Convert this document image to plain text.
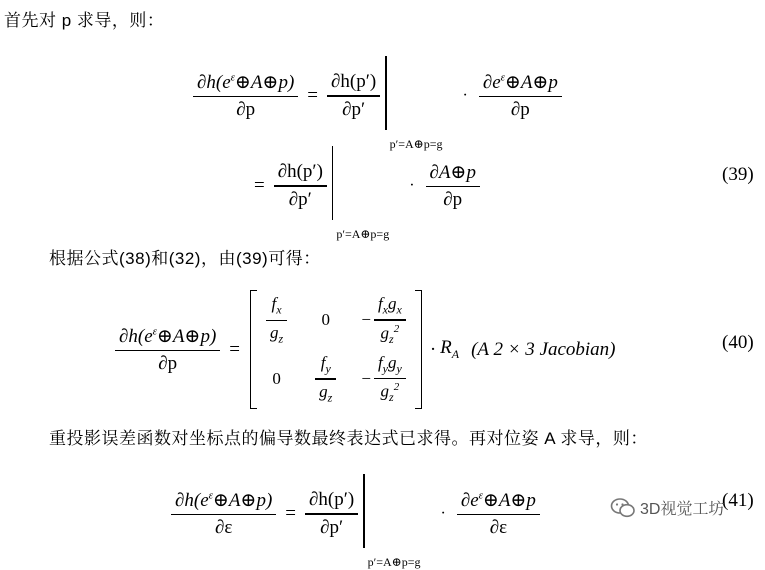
首先对 p 求导，则：
根据公式(38)和(32)，由(39)可得：
重投影误差函数对坐标点的偏导数最终表达式已求得。再对位姿 A 求导，则：
$\frac{\partial h(e^\varepsilon\oplus A\oplus p)}{\partial p} = \frac{\partial h(p')}{\partial p'}$
p′=A⊕p=g
· $\frac{\partial e^\varepsilon\oplus A\oplus p}{\partial p}$
= $\frac{\partial h(p')}{\partial p'}$
p′=A⊕p=g
· $\frac{\partial A\oplus p}{\partial p}$	(39)
$\frac{\partial h(e^\varepsilon\oplus A\oplus p)}{\partial p}$ =
$\frac{f_x}{g_z} 0 - \frac{f_xg_x}{g_z^2}$
$0 \frac{f_y}{g_z} - \frac{f_yg_y}{g_z^2}$
· $R_A$ (A 2 × 3 Jacobian)	(40)
$\frac{\partial h(e^\varepsilon\oplus A\oplus p)}{\partial\varepsilon} = \frac{\partial h(p')}{\partial p'}$
p′=A⊕p=g
· $\frac{\partial e^\varepsilon\oplus A\oplus p}{\partial\varepsilon}$	(41)
3D视觉工坊
